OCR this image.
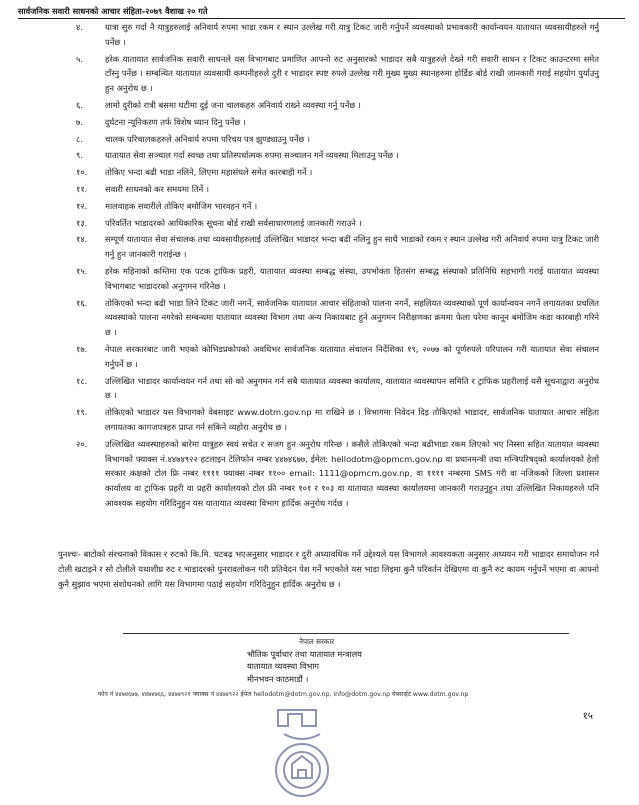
सार्वजनिक सवारी साधनको आचार संहिता-२०७९ वैशाख २० गते
४.	यात्रा सुरु गर्दा नै यात्रुहरुलाई अनिवार्य रुपमा भाडा रकम र स्थान उल्लेख गरी यात्रु टिकट जारी गर्नुपर्ने व्यवस्थाको प्रभावकारी कार्यान्वयन यातायात व्यवसायीहरुले गर्नु पर्नेछ ।
५.	हरेक यातायात सार्वजनिक सवारी साधनले यस विभागबाट प्रमाणित आफ्नो रुट अनुसारको भाडादर सबै यात्रुहरुले देख्ने गरी सवारी साधन र टिकट काउन्टरमा समेत टाँस्नु पर्नेछ । सम्बन्धित यातायात व्यवसायी कम्पनीहरुले दुरी र भाडादर स्पष्ट रुपले उल्लेख गरी मुख्य मुख्य स्थानहरुमा होर्डिङ बोर्ड राखी जानकारी गराई सहयोग पुर्याउनु हुन अनुरोध छ ।
६.	लामो दुरीको रात्री बसमा घटीमा दुई जना चालकहरु अनिवार्य राख्ने व्यवस्था गर्नु पर्नेछ ।
७.	दुर्घटना न्यूनिकरण तर्फ विशेष ध्यान दिनु पर्नेछ ।
८.	चालक परिचालकहरुले अनिवार्य रुपमा परिचय पत्र झुण्ड्याउनु पर्नेछ ।
९.	यातायात सेवा सञ्चाल गर्दा स्वच्छ तथा प्रतिस्पर्धात्मक रुपमा सञ्चालन गर्ने व्यवस्था मिलाउनु पर्नेछ ।
१०.	तोकिए भन्दा बढी भाडा नलिने, लिएमा महासंघले समेत कारबाही गर्ने ।
११.	सवारी साधनको कर समयमा तिर्ने ।
१२.	मालवाहक सवारीले तोकिए बमोजिम भारवहन गर्ने ।
१३.	परिवर्तित भाडादरको आधिकारिक सूचना बोर्ड राखी सर्वसाधारणलाई जानकारी गराउने ।
१४.	सम्पूर्ण यातायात सेवा संचालक तथा व्यवसायीहरुलाई उल्लिखित भाडादर भन्दा बढी नलिनु हुन साथै भाडाको रकम र स्थान उल्लेख गरी अनिवार्य रुपमा यात्रु टिकट जारी गर्नु हुन जानकारी गराईन्छ ।
१५.	हरेक महिनाको कम्तिमा एक पटक ट्राफिक प्रहरी, यातायात व्यवस्था सम्बद्ध संस्था, उपभोक्ता हितसंग सम्बद्ध संस्थाको प्रतिनिधि सहभागी गराई यातायात व्यवस्था विभागबाट भाडादरको अनुगमन गरिनेछ ।
१६.	तोकिएको भन्दा बढी भाडा लिने टिकट जारी नगर्ने, सार्वजनिक यातायात आचार संहिताको पालना नगर्ने, सहलियत व्यवस्थाको पूर्ण कार्यान्वयन नगर्ने लगायतका प्रचलित व्यवस्थाको पालना नगरेको सम्बन्धमा यातायात व्यवस्था विभाग तथा अन्य निकायबाट हुने अनुगमन निरीक्षणका क्रममा फेला परेमा कानून बमोजिम कडा कारबाही गरिने छ ।
१७.	नेपाल सरकारबाट जारी भएको कोभिडप्रकोपको अवधिभर सार्वजनिक यातायात संचालन निर्देशिका १९, २०७७ को पूर्णरुपले परिपालन गरी यातायात सेवा संचालन गर्नुपर्ने छ ।
१८.	उल्लिखित भाडादर कार्यान्वयन गर्न तथा सो को अनुगमन गर्न सबै यातायात व्यवस्था कार्यालय, यातायात व्यवस्थापन समिति र ट्राफिक प्रहरीलाई यसै सूचनाद्वारा अनुरोध छ ।
१९.	तोकिएको भाडादर यस विभागको वेबसाइट www.dotm.gov.np मा राखिने छ । विभागमा निवेदन दिइ तोकिएको भाडादर, सार्वजनिक यातायात आचार संहिता लगायतका कागजपत्रहरु प्राप्त गर्न सकिने व्यहोरा अनुरोध छ ।
२०.	उल्लिखित व्यवस्थाहरुको बारेमा यात्रुहरु स्वयं सचेत र सजग हुन अनुरोध गरिन्छ । कसैले तोकिएको भन्दा बढीभाडा रकम लिएको भए निस्सा सहित यातायात व्यवस्था विभागको फ्याक्स नं.४४७४९२२ हटलाइन टेलिफोन नम्बर ४४७४६७७, ईमेल: hellodotm@opmcm.gov.np वा प्रधानमन्त्री तथा मन्त्रिपरिषद्को कार्यालयको हेलो सरकार कक्षको टोल फ्रि नम्बर ११११ फ्याक्स नम्बर ११०० email: 1111@opmcm.gov.np, वा ११११ नम्बरमा SMS गरी वा नजिकको जिल्ला प्रशासन कार्यालय वा ट्राफिक प्रहरी वा प्रहरी कार्यालयको टोल फ्री नम्बर १०१ र १०३ वा यातायात व्यवस्था कार्यालयमा जानकारी गराउनुहुन तथा उल्लिखित निकायहरुले पनि आवश्यक सहयोग गरिदिनुहुन यस यातायात व्यवस्था विभाग हार्दिक अनुरोध गर्दछ ।
पुनश्चः- बाटोको संरचनाको विकास र रुटको कि.मि. घटबढ भएअनुसार भाडादर र दुरी अध्यावधिक गर्ने उद्देश्यले यस विभागले आवश्यकता अनुसार अध्ययन गरी भाडादर समायोजन गर्न टोली खटाइने र सो टोलीले यथाशीघ्र रुट र भाडादरको पुनरावलोकन गरी प्रतिवेदन पेश गर्ने भएकोले यस भाडा लिइमा कुनै परिवर्तन देखिएमा वा कुनै रुट कायम गर्नुपर्ने भएमा वा आफ्नो कुनै सुझाव भएमा संशोधनको लागि यस विभागमा पठाई सहयोग गरिदिनुहुन हार्दिक अनुरोध छ ।
नेपाल सरकार
भौतिक पूर्वाधार तथा यातायात मन्त्रालय
यातायात व्यवस्था विभाग
मीनभवन काठमाडौं ।
फोन नं ४४७४६७७, ४४७४७६६, ४४७४९२१ फ्याक्स नं ४४७४९२२ ईमेल hellodotm@dotm.gov.np, info@dotm.gov.np वेबसाईट www.dotm.gov.np
१५
